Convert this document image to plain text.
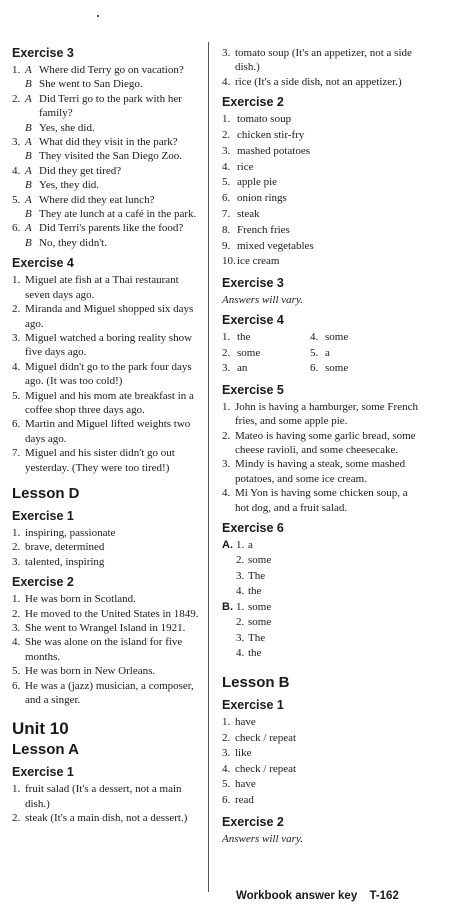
Exercise 3
1. A Where did Terry go on vacation?
B She went to San Diego.
2. A Did Terri go to the park with her family?
B Yes, she did.
3. A What did they visit in the park?
B They visited the San Diego Zoo.
4. A Did they get tired?
B Yes, they did.
5. A Where did they eat lunch?
B They ate lunch at a café in the park.
6. A Did Terri's parents like the food?
B No, they didn't.
Exercise 4
1. Miguel ate fish at a Thai restaurant seven days ago.
2. Miranda and Miguel shopped six days ago.
3. Miguel watched a boring reality show five days ago.
4. Miguel didn't go to the park four days ago. (It was too cold!)
5. Miguel and his mom ate breakfast in a coffee shop three days ago.
6. Martin and Miguel lifted weights two days ago.
7. Miguel and his sister didn't go out yesterday. (They were too tired!)
Lesson D
Exercise 1
1. inspiring, passionate
2. brave, determined
3. talented, inspiring
Exercise 2
1. He was born in Scotland.
2. He moved to the United States in 1849.
3. She went to Wrangel Island in 1921.
4. She was alone on the island for five months.
5. He was born in New Orleans.
6. He was a (jazz) musician, a composer, and a singer.
Unit 10
Lesson A
Exercise 1
1. fruit salad (It's a dessert, not a main dish.)
2. steak (It's a main dish, not a dessert.)
3. tomato soup (It's an appetizer, not a side dish.)
4. rice (It's a side dish, not an appetizer.)
Exercise 2
1. tomato soup
2. chicken stir-fry
3. mashed potatoes
4. rice
5. apple pie
6. onion rings
7. steak
8. French fries
9. mixed vegetables
10. ice cream
Exercise 3
Answers will vary.
Exercise 4
1. the	4. some
2. some	5. a
3. an	6. some
Exercise 5
1. John is having a hamburger, some French fries, and some apple pie.
2. Mateo is having some garlic bread, some cheese ravioli, and some cheesecake.
3. Mindy is having a steak, some mashed potatoes, and some ice cream.
4. Mi Yon is having some chicken soup, a hot dog, and a fruit salad.
Exercise 6
A. 1. a
2. some
3. The
4. the
B. 1. some
2. some
3. The
4. the
Lesson B
Exercise 1
1. have
2. check / repeat
3. like
4. check / repeat
5. have
6. read
Exercise 2
Answers will vary.
Workbook answer key T-162
